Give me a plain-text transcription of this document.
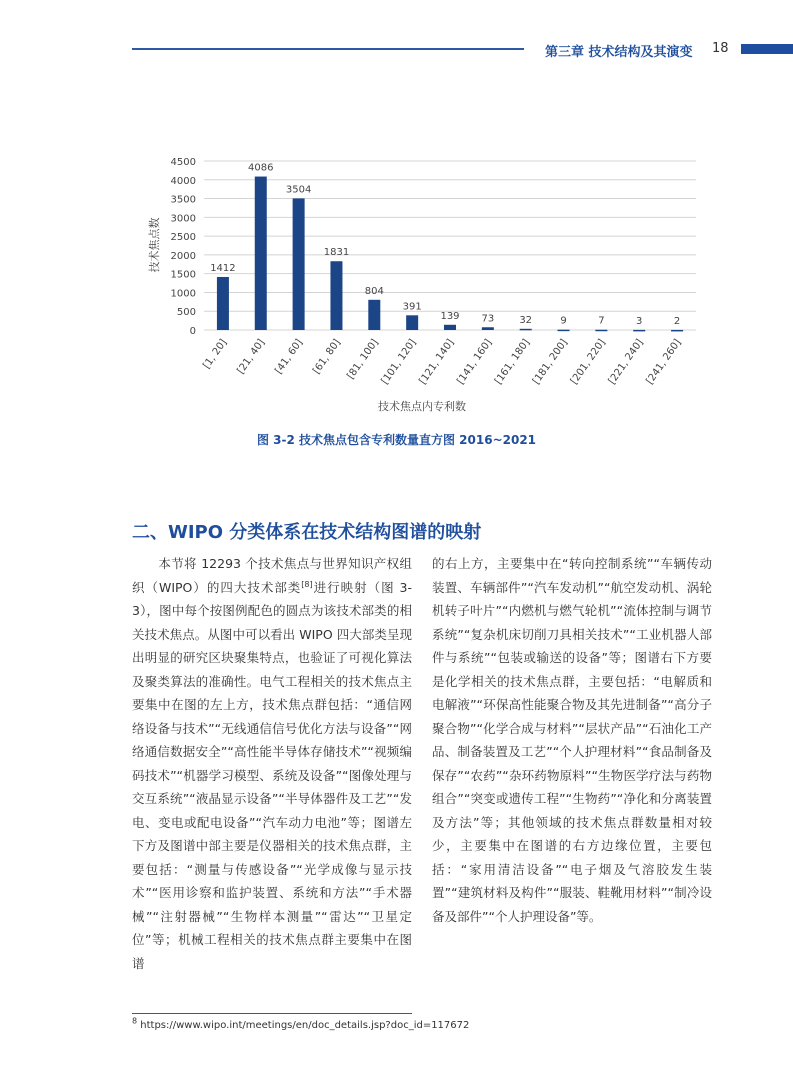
第三章 技术结构及其演变 18
0
500
1000
1500
2000
2500
3000
3500
4000
4500
1412
4086
3504
1831
804
391
139 73	32	9	7	3	2
[1, 20] [21, 40] [41, 60] [61, 80] [81, 100]
[101, 120]
[121, 140]
[141, 160]
[161, 180]
[181, 200]
[201, 220]
[221, 240]
[241, 260]
技术焦点数
技术焦点内专利数
图 3-2 技术焦点包含专利数量直方图 2016~2021
二、WIPO 分类体系在技术结构图谱的映射

本节将 12293 个技术焦点与世界知识产权组织（WIPO）的四大技术部类[8]进行映射（图 3-3），图中每个按图例配色的圆点为该技术部类的相关技术焦点。从图中可以看出 WIPO 四大部类呈现出明显的研究区块聚集特点，也验证了可视化算法及聚类算法的准确性。电气工程相关的技术焦点主要集中在图的左上方，技术焦点群包括：“通信网络设备与技术”“无线通信信号优化方法与设备”“网络通信数据安全”“高性能半导体存储技术”“视频编码技术”“机器学习模型、系统及设备”“图像处理与交互系统”“液晶显示设备”“半导体器件及工艺”“发电、变电或配电设备”“汽车动力电池”等；图谱左下方及图谱中部主要是仪器相关的技术焦点群，主要包括：“测量与传感设备”“光学成像与显示技术”“医用诊察和监护装置、系统和方法”“手术器械”“注射器械”“生物样本测量”“雷达”“卫星定位”等；机械工程相关的技术焦点群主要集中在图谱

的右上方，主要集中在“转向控制系统”“车辆传动装置、车辆部件”“汽车发动机”“航空发动机、涡轮机转子叶片”“内燃机与燃气轮机”“流体控制与调节系统”“复杂机床切削刀具相关技术”“工业机器人部件与系统”“包装或输送的设备”等；图谱右下方要是化学相关的技术焦点群，主要包括：“电解质和电解液”“环保高性能聚合物及其先进制备”“高分子聚合物”“化学合成与材料”“层状产品”“石油化工产品、制备装置及工艺”“个人护理材料”“食品制备及保存”“农药”“杂环药物原料”“生物医学疗法与药物组合”“突变或遗传工程”“生物药”“净化和分离装置及方法”等；其他领域的技术焦点群数量相对较少，主要集中在图谱的右方边缘位置，主要包括：“家用清洁设备”“电子烟及气溶胶发生装置”“建筑材料及构件”“服装、鞋靴用材料”“制冷设备及部件”“个人护理设备”等。

$^8$ https://www.wipo.int/meetings/en/doc_details.jsp?doc_id=117672
